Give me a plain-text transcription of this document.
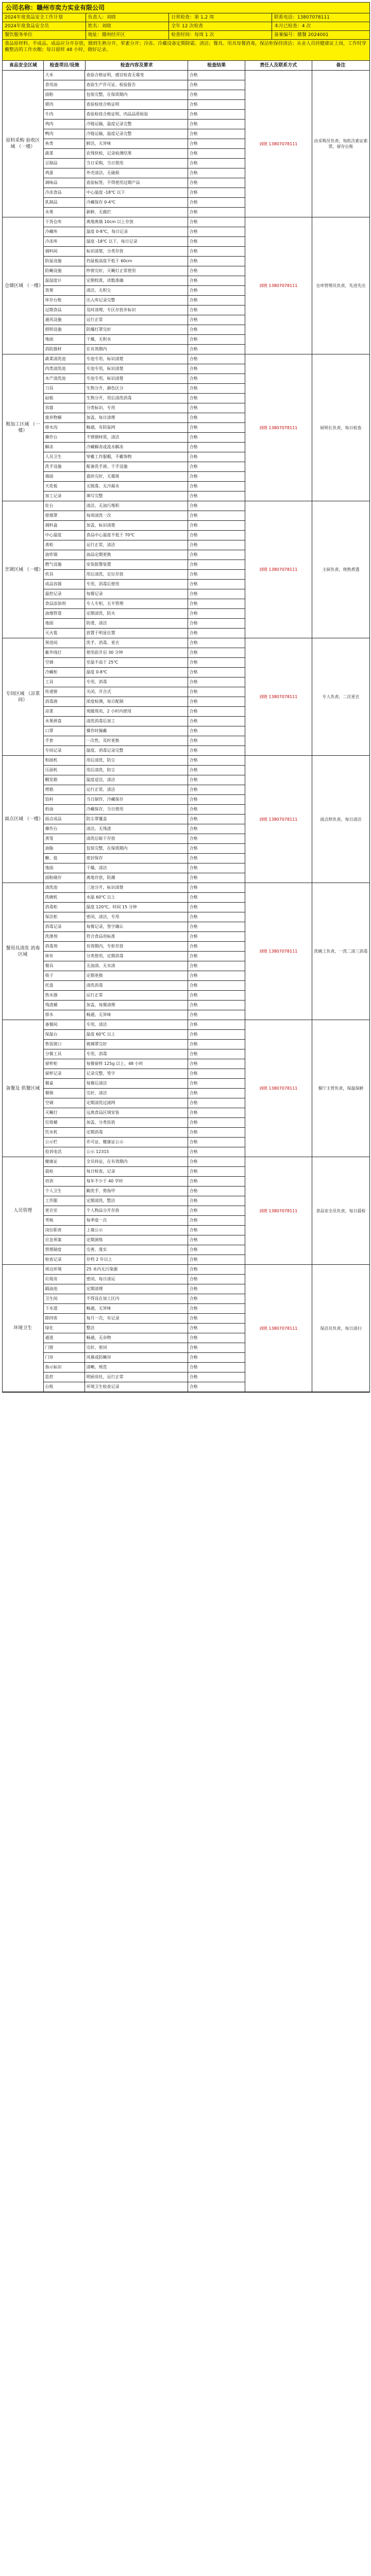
公司名称：赣州市奕力实业有限公司
2024年度食品安全工作计划	负责人：刘晓	日常检查：第 1,2 周	联系电话：13807078111
2024年度食品安全员	姓名：刘晓	全年 12 次检查	本月已检查：4 次
餐饮服务单位	地址：赣州经开区	检查时间：每周 1 次	备案编号：赣餐 2024001
食品原材料、半成品、成品应分开存放，做到生熟分开、荤素分开；冷冻、冷藏设备定期除霜、清洁；餐具、用具每餐消毒，保洁柜保持清洁；从业人员持健康证上岗，工作时穿戴整洁的工作衣帽；每日留样 48 小时，做好记录。
食品安全区域	检查项目/设施	检查内容及要求	检查结果	责任人及联系方式	备注
原料采购 验收区域 （一楼）
大米	查验合格证明，感官检查无霉变	合格
食用油	查验生产许可证、检验报告	合格
面粉	包装完整，在保质期内	合格
猪肉	查验检疫合格证明	合格
牛肉	查验检疫合格证明、肉品品质检验	合格
鸡肉	冷链运输，温度记录完整	合格
鸭肉	冷链运输，温度记录完整	合格
鱼类	鲜活，无异味	合格
蔬菜	农残快检，记录检测结果	合格
豆制品	当日采购，当日使用	合格
鸡蛋	外壳清洁，无破损	合格
调味品	查验标签，不得使用过期产品	合格
冷冻食品	中心温度 -18℃ 以下	合格
乳制品	冷藏保存 0-4℃	合格
水果	新鲜，无腐烂	合格
刘晓 13807078111
由采购员负责，每批次索证索票，留存台账
仓储区域 （一楼）
干货仓库	离地离墙 10cm 以上存放	合格
冷藏库	温度 0-8℃，每日记录	合格
冷冻库	温度 -18℃ 以下，每日记录	合格
调料间	标识清楚，分类存放	合格
防鼠设施	挡鼠板高度不低于 60cm	合格
防蝇设施	纱窗完好，灭蝇灯正常使用	合格
温湿度计	定期校准，读数准确	合格
货架	清洁，无积尘	合格
库存台账	出入库记录完整	合格
过期食品	及时清理，专区存放并标识	合格
通风设施	运行正常	合格
照明设施	防爆灯罩完好	合格
地面	干燥，无积水	合格
消防器材	在有效期内	合格
刘晓 13807078111	仓库管理员负责，先进先出
粗加工区域 （一楼）
蔬菜清洗池	专池专用，标识清楚	合格
肉类清洗池	专池专用，标识清楚	合格
水产清洗池	专池专用，标识清楚	合格
刀具	生熟分开，颜色区分	合格
砧板	生熟分开，用后清洗消毒	合格
容器	分类标识，专用	合格
废弃物桶	加盖，每日清理	合格
排水沟	畅通，有防鼠网	合格
操作台	不锈钢材质，清洁	合格
解冻	冷藏解冻或流水解冻	合格
人员卫生	穿戴工作服帽，不戴饰物	合格
洗手设施	配备洗手液、干手设施	合格
墙面	瓷砖完好，无霉斑	合格
天花板	无脱落、无冷凝水	合格
加工记录	填写完整	合格
刘晓 13807078111	厨师长负责，每日检查
烹调区域 （一楼）
灶台	清洁，无油污堆积	合格
排烟罩	每周清洗一次	合格
调料盒	加盖，标识清楚	合格
中心温度	食品中心温度不低于 70℃	合格
蒸柜	运行正常，清洁	合格
油炸锅	油品定期更换	合格
燃气设施	安装报警装置	合格
炊具	用后清洗，定位存放	合格
成品容器	专用，消毒后使用	合格
温控记录	每餐记录	合格
食品添加剂	专人专柜，五专管理	合格
油烟管道	定期清洗，防火	合格
地面	防滑，清洁	合格
灭火毯	放置于明显位置	合格
刘晓 13807078111	主厨负责，烧熟煮透
专间区域 （凉菜间）
预进间	洗手、消毒、更衣	合格
紫外线灯	使用前开启 30 分钟	合格
空调	室温不高于 25℃	合格
冷藏柜	温度 0-8℃	合格
工具	专用，消毒	合格
传递窗	关闭，开合式	合格
消毒液	浓度检测，每日配制	合格
凉菜	现做现卖，2 小时内使用	合格
水果拼盘	清洗消毒后加工	合格
口罩	操作时佩戴	合格
手套	一次性，及时更换	合格
专间记录	温度、消毒记录完整	合格
刘晓 13807078111	专人负责，二次更衣
面点区域 （一楼）
和面机	用后清洗，防尘	合格
压面机	用后清洗，防尘	合格
醒发箱	温度适宜，清洁	合格
烤箱	运行正常，清洁	合格
馅料	当日制作，冷藏保存	合格
奶油	冷藏保存，当日使用	合格
面点成品	防尘罩覆盖	合格
操作台	清洁，无残渣	合格
蒸笼	清洗后晾干存放	合格
油脂	包装完整，在保质期内	合格
糖、盐	密封保存	合格
地面	干燥，清洁	合格
面粉储存	离地存放，防潮	合格
刘晓 13807078111	面点师负责，每日清洁
餐用具清洗 消毒区域
清洗池	三池分开，标识清楚	合格
洗碗机	水温 60℃ 以上	合格
消毒柜	温度 120℃，时间 15 分钟	合格
保洁柜	密闭，清洁，专用	合格
消毒记录	每餐记录，签字确认	合格
洗涤剂	符合食品用标准	合格
消毒剂	有效期内，专柜存放	合格
抹布	分类使用，定期消毒	合格
餐具	无油渍、无水渍	合格
筷子	定期更换	合格
托盘	清洗消毒	合格
热水器	运行正常	合格
残渣桶	加盖，每餐清理	合格
排水	畅通，无异味	合格
刘晓 13807078111	洗碗工负责，一洗二清三消毒
备餐及 供餐区域
备餐间	专用，清洁	合格
保温台	温度 60℃ 以上	合格
售饭窗口	玻璃罩完好	合格
分餐工具	专用，消毒	合格
留样柜	每餐留样 125g 以上，48 小时	合格
留样记录	记录完整，签字	合格
餐桌	每餐后清洁	合格
餐椅	完好，清洁	合格
空调	定期清洗过滤网	合格
灭蝇灯	远离食品区域安装	合格
垃圾桶	加盖，分类投放	合格
饮水机	定期消毒	合格
公示栏	许可证、健康证公示	合格
投诉电话	公示 12315	合格
刘晓 13807078111	餐厅主管负责，保温保鲜
人员管理
健康证	全员持证，在有效期内	合格
晨检	每日检查，记录	合格
培训	每年不少于 40 学时	合格
个人卫生	勤洗手、剪指甲	合格
工作服	定期清洗，整洁	合格
更衣室	个人物品分开存放	合格
考核	每季度一次	合格
岗位职责	上墙公示	合格
应急预案	定期演练	合格
管理制度	完善，落实	合格
检查记录	存档 2 年以上	合格
刘晓 13807078111	食品安全员负责，每日晨检
环境卫生
周边环境	25 米内无污染源	合格
垃圾房	密闭，每日清运	合格
隔油池	定期清理	合格
卫生间	不得设在加工区内	合格
下水道	畅通，无异味	合格
除四害	每月一次，有记录	合格
绿化	整洁	合格
通道	畅通，无杂物	合格
门窗	完好，密闭	合格
门帘	风幕或防蝇帘	合格
指示标识	清晰，规范	合格
监控	明厨亮灶，运行正常	合格
台账	环境卫生检查记录	合格
刘晓 13807078111	保洁员负责，每日清扫
